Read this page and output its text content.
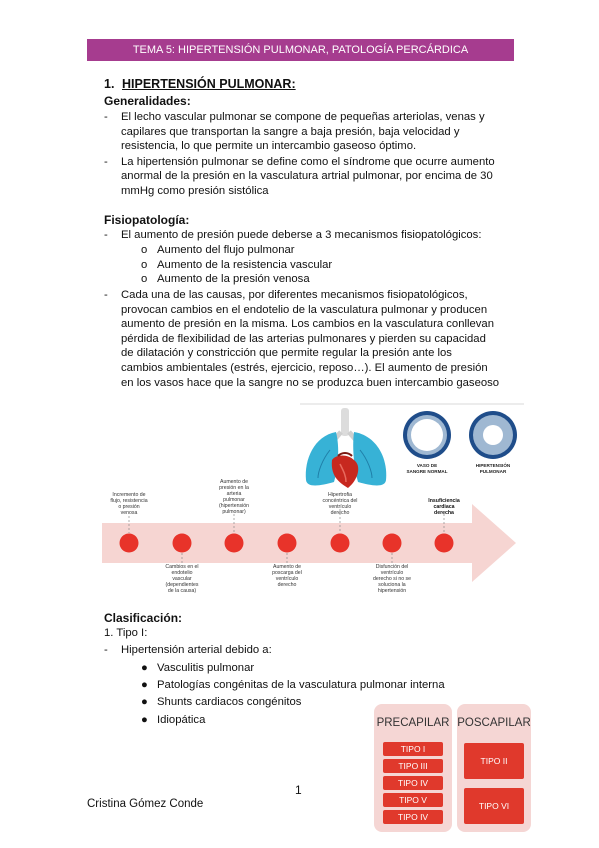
TEMA 5: HIPERTENSIÓN PULMONAR, PATOLOGÍA PERCÁRDICA
1. HIPERTENSIÓN PULMONAR:
Generalidades:
- El lecho vascular pulmonar se compone de pequeñas arteriolas, venas y
capilares que transportan la sangre a baja presión, baja velocidad y
resistencia, lo que permite un intercambio gaseoso óptimo.
- La hipertensión pulmonar se define como el síndrome que ocurre aumento
anormal de la presión en la vasculatura artrial pulmonar, por encima de 30
mmHg como presión sistólica
Fisiopatología:
- El aumento de presión puede deberse a 3 mecanismos fisiopatológicos:
o Aumento del flujo pulmonar
o Aumento de la resistencia vascular
o Aumento de la presión venosa
- Cada una de las causas, por diferentes mecanismos fisiopatológicos,
provocan cambios en el endotelio de la vasculatura pulmonar y producen
aumento de presión en la misma. Los cambios en la vasculatura conllevan
pérdida de flexibilidad de las arterias pulmonares y pierden su capacidad
de dilatación y constricción que permite regular la presión ante los
cambios ambientales (estrés, ejercicio, reposo…). El aumento de presión
en los vasos hace que la sangre no se produzca buen intercambio gaseoso
VASO DE
SANGRE NORMAL
HIPERTENSIÓN
PULMONAR
Incremento de
flujo, resistencia
o presión
venosa
Aumento de
presión en la
arteria
pulmonar
(hipertensión
pulmonar)
Hipertrofia
concéntrica del
ventrículo
derecho
Insuficiencia
cardiaca
derecha
Cambios en el
endotelio
vascular
(dependientes
de la causa)
Aumento de
poscarga del
ventrículo
derecho
Disfunción del
ventrículo
derecho si no se
soluciona la
hipertensión
Clasificación:
1. Tipo I:
- Hipertensión arterial debido a:
● Vasculitis pulmonar
● Patologías congénitas de la vasculatura pulmonar interna
● Shunts cardiacos congénitos
● Idiopática	PRECAPILAR
TIPO I
TIPO III
TIPO IV
TIPO V
TIPO IV
POSCAPILAR
TIPO II
TIPO VI
1
Cristina Gómez Conde
